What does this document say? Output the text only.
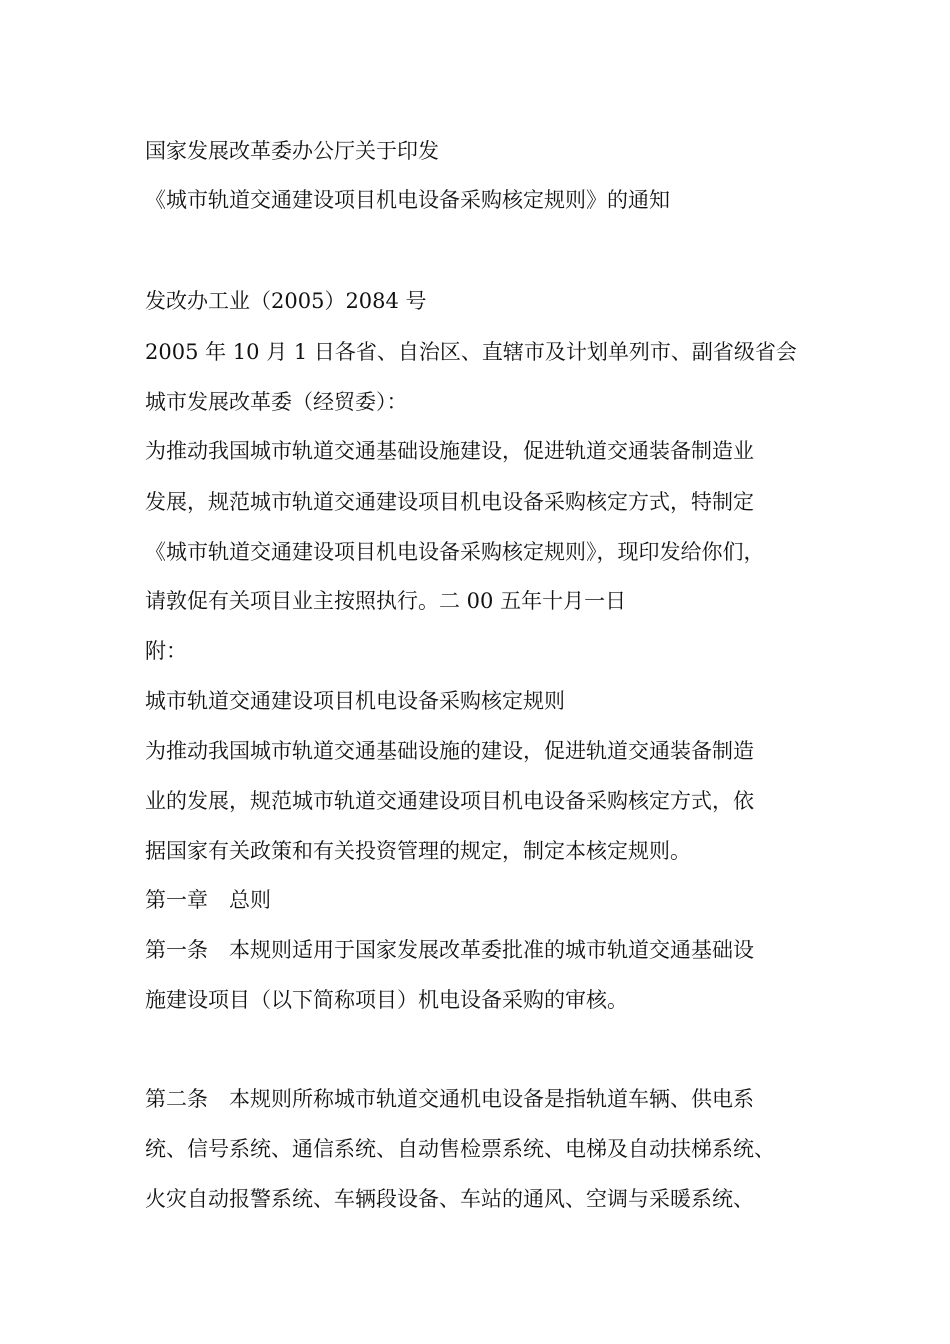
国家发展改革委办公厅关于印发
《城市轨道交通建设项目机电设备采购核定规则》的通知
发改办工业（2005）2084 号
2005 年 10 月 1 日各省、自治区、直辖市及计划单列市、副省级省会
城市发展改革委（经贸委）：
为推动我国城市轨道交通基础设施建设，促进轨道交通装备制造业
发展，规范城市轨道交通建设项目机电设备采购核定方式，特制定
《城市轨道交通建设项目机电设备采购核定规则》，现印发给你们，
请敦促有关项目业主按照执行。二 00 五年十月一日
附：
城市轨道交通建设项目机电设备采购核定规则
为推动我国城市轨道交通基础设施的建设，促进轨道交通装备制造
业的发展，规范城市轨道交通建设项目机电设备采购核定方式，依
据国家有关政策和有关投资管理的规定，制定本核定规则。
第一章　总则
第一条　本规则适用于国家发展改革委批准的城市轨道交通基础设
施建设项目（以下简称项目）机电设备采购的审核。
第二条　本规则所称城市轨道交通机电设备是指轨道车辆、供电系
统、信号系统、通信系统、自动售检票系统、电梯及自动扶梯系统、
火灾自动报警系统、车辆段设备、车站的通风、空调与采暖系统、
